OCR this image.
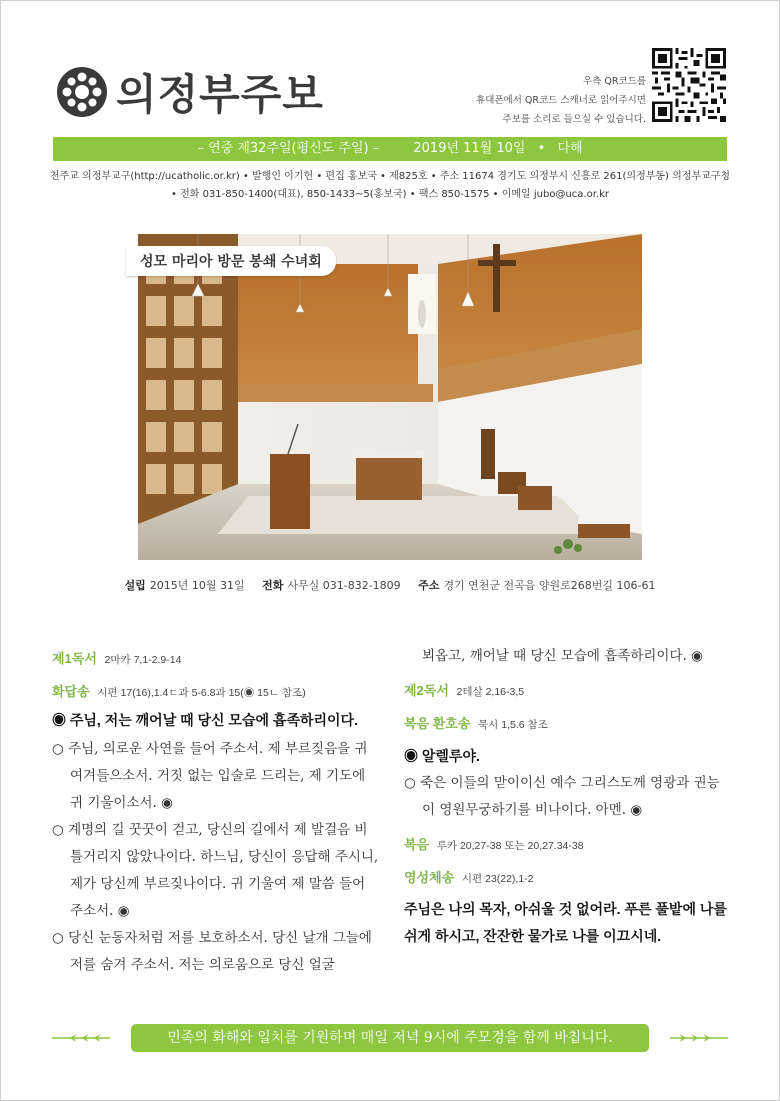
의정부주보	우측 QR코드를
휴대폰에서 QR코드 스캐너로 읽어주시면
주보를 소리로 들으실 수 있습니다.
– 연중 제32주일(평신도 주일) –	2019년 11월 10일 • 다해
천주교 의정부교구(http://ucatholic.or.kr) • 발행인 이기헌 • 편집 홍보국 • 제825호 • 주소 11674 경기도 의정부시 신흥로 261(의정부동) 의정부교구청
• 전화 031-850-1400(대표), 850-1433~5(홍보국) • 팩스 850-1575 • 이메일 jubo@uca.or.kr
성모 마리아 방문 봉쇄 수녀회
설립 2015년 10월 31일 전화 사무실 031-832-1809 주소 경기 연천군 전곡읍 양원로268번길 106-61
제1독서 2마카 7,1-2.9-14
화답송 시편 17(16),1.4ㄷ과 5-6.8과 15(◉ 15ㄴ 참조)
◉ 주님, 저는 깨어날 때 당신 모습에 흡족하리이다.
○ 주님, 의로운 사연을 들어 주소서. 제 부르짖음을 귀여겨들으소서. 거짓 없는 입술로 드리는, 제 기도에 귀 기울이소서. ◉
○ 계명의 길 꿋꿋이 걷고, 당신의 길에서 제 발걸음 비틀거리지 않았나이다. 하느님, 당신이 응답해 주시니, 제가 당신께 부르짖나이다. 귀 기울여 제 말씀 들어 주소서. ◉
○ 당신 눈동자처럼 저를 보호하소서. 당신 날개 그늘에 저를 숨겨 주소서. 저는 의로움으로 당신 얼굴
뵈옵고, 깨어날 때 당신 모습에 흡족하리이다. ◉
제2독서 2테살 2,16-3,5
복음 환호송 묵시 1,5.6 참조
◉ 알렐루야.
○ 죽은 이들의 맏이이신 예수 그리스도께 영광과 권능이 영원무궁하기를 비나이다. 아멘. ◉
복음 루카 20,27-38 또는 20,27.34-38
영성체송 시편 23(22),1-2
주님은 나의 목자, 아쉬울 것 없어라. 푸른 풀밭에 나를 쉬게 하시고, 잔잔한 물가로 나를 이끄시네.
민족의 화해와 일치를 기원하며 매일 저녁 9시에 주모경을 함께 바칩니다.
